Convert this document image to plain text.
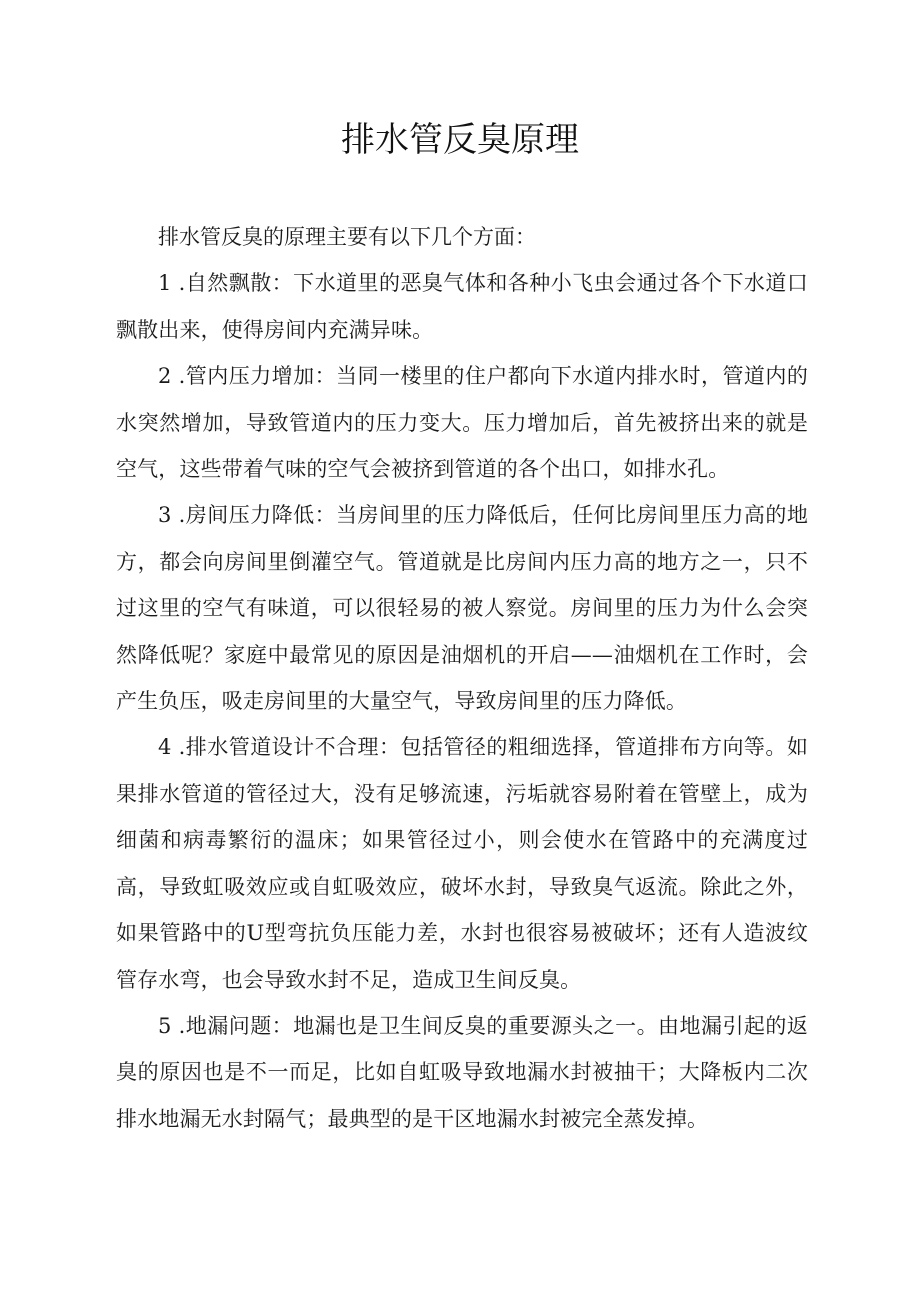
排水管反臭原理

排水管反臭的原理主要有以下几个方面：

1 .自然飘散：下水道里的恶臭气体和各种小飞虫会通过各个下水道口飘散出来，使得房间内充满异味。

2 .管内压力增加：当同一楼里的住户都向下水道内排水时，管道内的水突然增加，导致管道内的压力变大。压力增加后，首先被挤出来的就是空气，这些带着气味的空气会被挤到管道的各个出口，如排水孔。

3 .房间压力降低：当房间里的压力降低后，任何比房间里压力高的地方，都会向房间里倒灌空气。管道就是比房间内压力高的地方之一，只不过这里的空气有味道，可以很轻易的被人察觉。房间里的压力为什么会突然降低呢？家庭中最常见的原因是油烟机的开启——油烟机在工作时，会产生负压，吸走房间里的大量空气，导致房间里的压力降低。

4 .排水管道设计不合理：包括管径的粗细选择，管道排布方向等。如果排水管道的管径过大，没有足够流速，污垢就容易附着在管壁上，成为细菌和病毒繁衍的温床；如果管径过小，则会使水在管路中的充满度过高，导致虹吸效应或自虹吸效应，破坏水封，导致臭气返流。除此之外，如果管路中的U型弯抗负压能力差，水封也很容易被破坏；还有人造波纹管存水弯，也会导致水封不足，造成卫生间反臭。

5 .地漏问题：地漏也是卫生间反臭的重要源头之一。由地漏引起的返臭的原因也是不一而足，比如自虹吸导致地漏水封被抽干；大降板内二次排水地漏无水封隔气；最典型的是干区地漏水封被完全蒸发掉。
